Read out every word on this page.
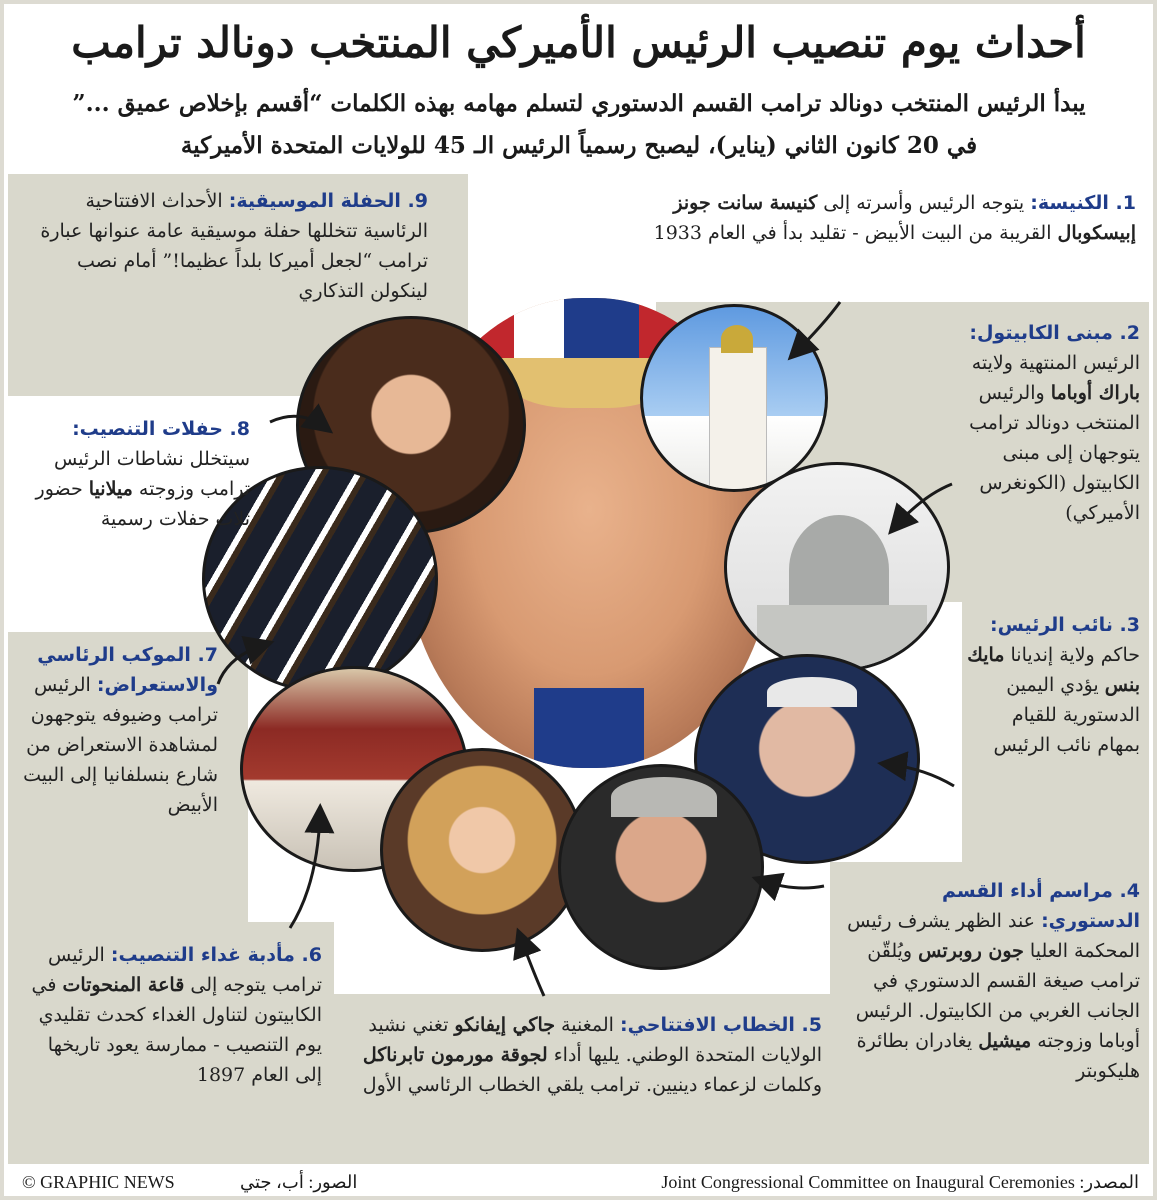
أحداث يوم تنصيب الرئيس الأميركي المنتخب دونالد ترامب
يبدأ الرئيس المنتخب دونالد ترامب القسم الدستوري لتسلم مهامه بهذه الكلمات “أقسم بإخلاص عميق ...”
في 20 كانون الثاني (يناير)، ليصبح رسمياً الرئيس الـ 45 للولايات المتحدة الأميركية
1. الكنيسة: يتوجه الرئيس وأسرته إلى كنيسة سانت جونز إبيسكوبال القريبة من البيت الأبيض - تقليد بدأ في العام 1933
2. مبنى الكابيتول: الرئيس المنتهية ولايته باراك أوباما والرئيس المنتخب دونالد ترامب يتوجهان إلى مبنى الكابيتول (الكونغرس الأميركي)
3. نائب الرئيس: حاكم ولاية إنديانا مايك بنس يؤدي اليمين الدستورية للقيام بمهام نائب الرئيس
4. مراسم أداء القسم الدستوري: عند الظهر يشرف رئيس المحكمة العليا جون روبرتس ويُلقّن ترامب صيغة القسم الدستوري في الجانب الغربي من الكابيتول. الرئيس أوباما وزوجته ميشيل يغادران بطائرة هليكوبتر
5. الخطاب الافتتاحي: المغنية جاكي إيفانكو تغني نشيد الولايات المتحدة الوطني. يليها أداء لجوقة مورمون تابرناكل وكلمات لزعماء دينيين. ترامب يلقي الخطاب الرئاسي الأول
6. مأدبة غداء التنصيب: الرئيس ترامب يتوجه إلى قاعة المنحوتات في الكابيتون لتناول الغداء كحدث تقليدي يوم التنصيب - ممارسة يعود تاريخها إلى العام 1897
7. الموكب الرئاسي والاستعراض: الرئيس ترامب وضيوفه يتوجهون لمشاهدة الاستعراض من شارع بنسلفانيا إلى البيت الأبيض
8. حفلات التنصيب: سيتخلل نشاطات الرئيس ترامب وزوجته ميلانيا حضور ثلاث حفلات رسمية
9. الحفلة الموسيقية: الأحداث الافتتاحية الرئاسية تتخللها حفلة موسيقية عامة عنوانها عبارة ترامب “لجعل أميركا بلداً عظيما!” أمام نصب لينكولن التذكاري
© GRAPHIC NEWS	الصور: أب، جتي	المصدر: Joint Congressional Committee on Inaugural Ceremonies
